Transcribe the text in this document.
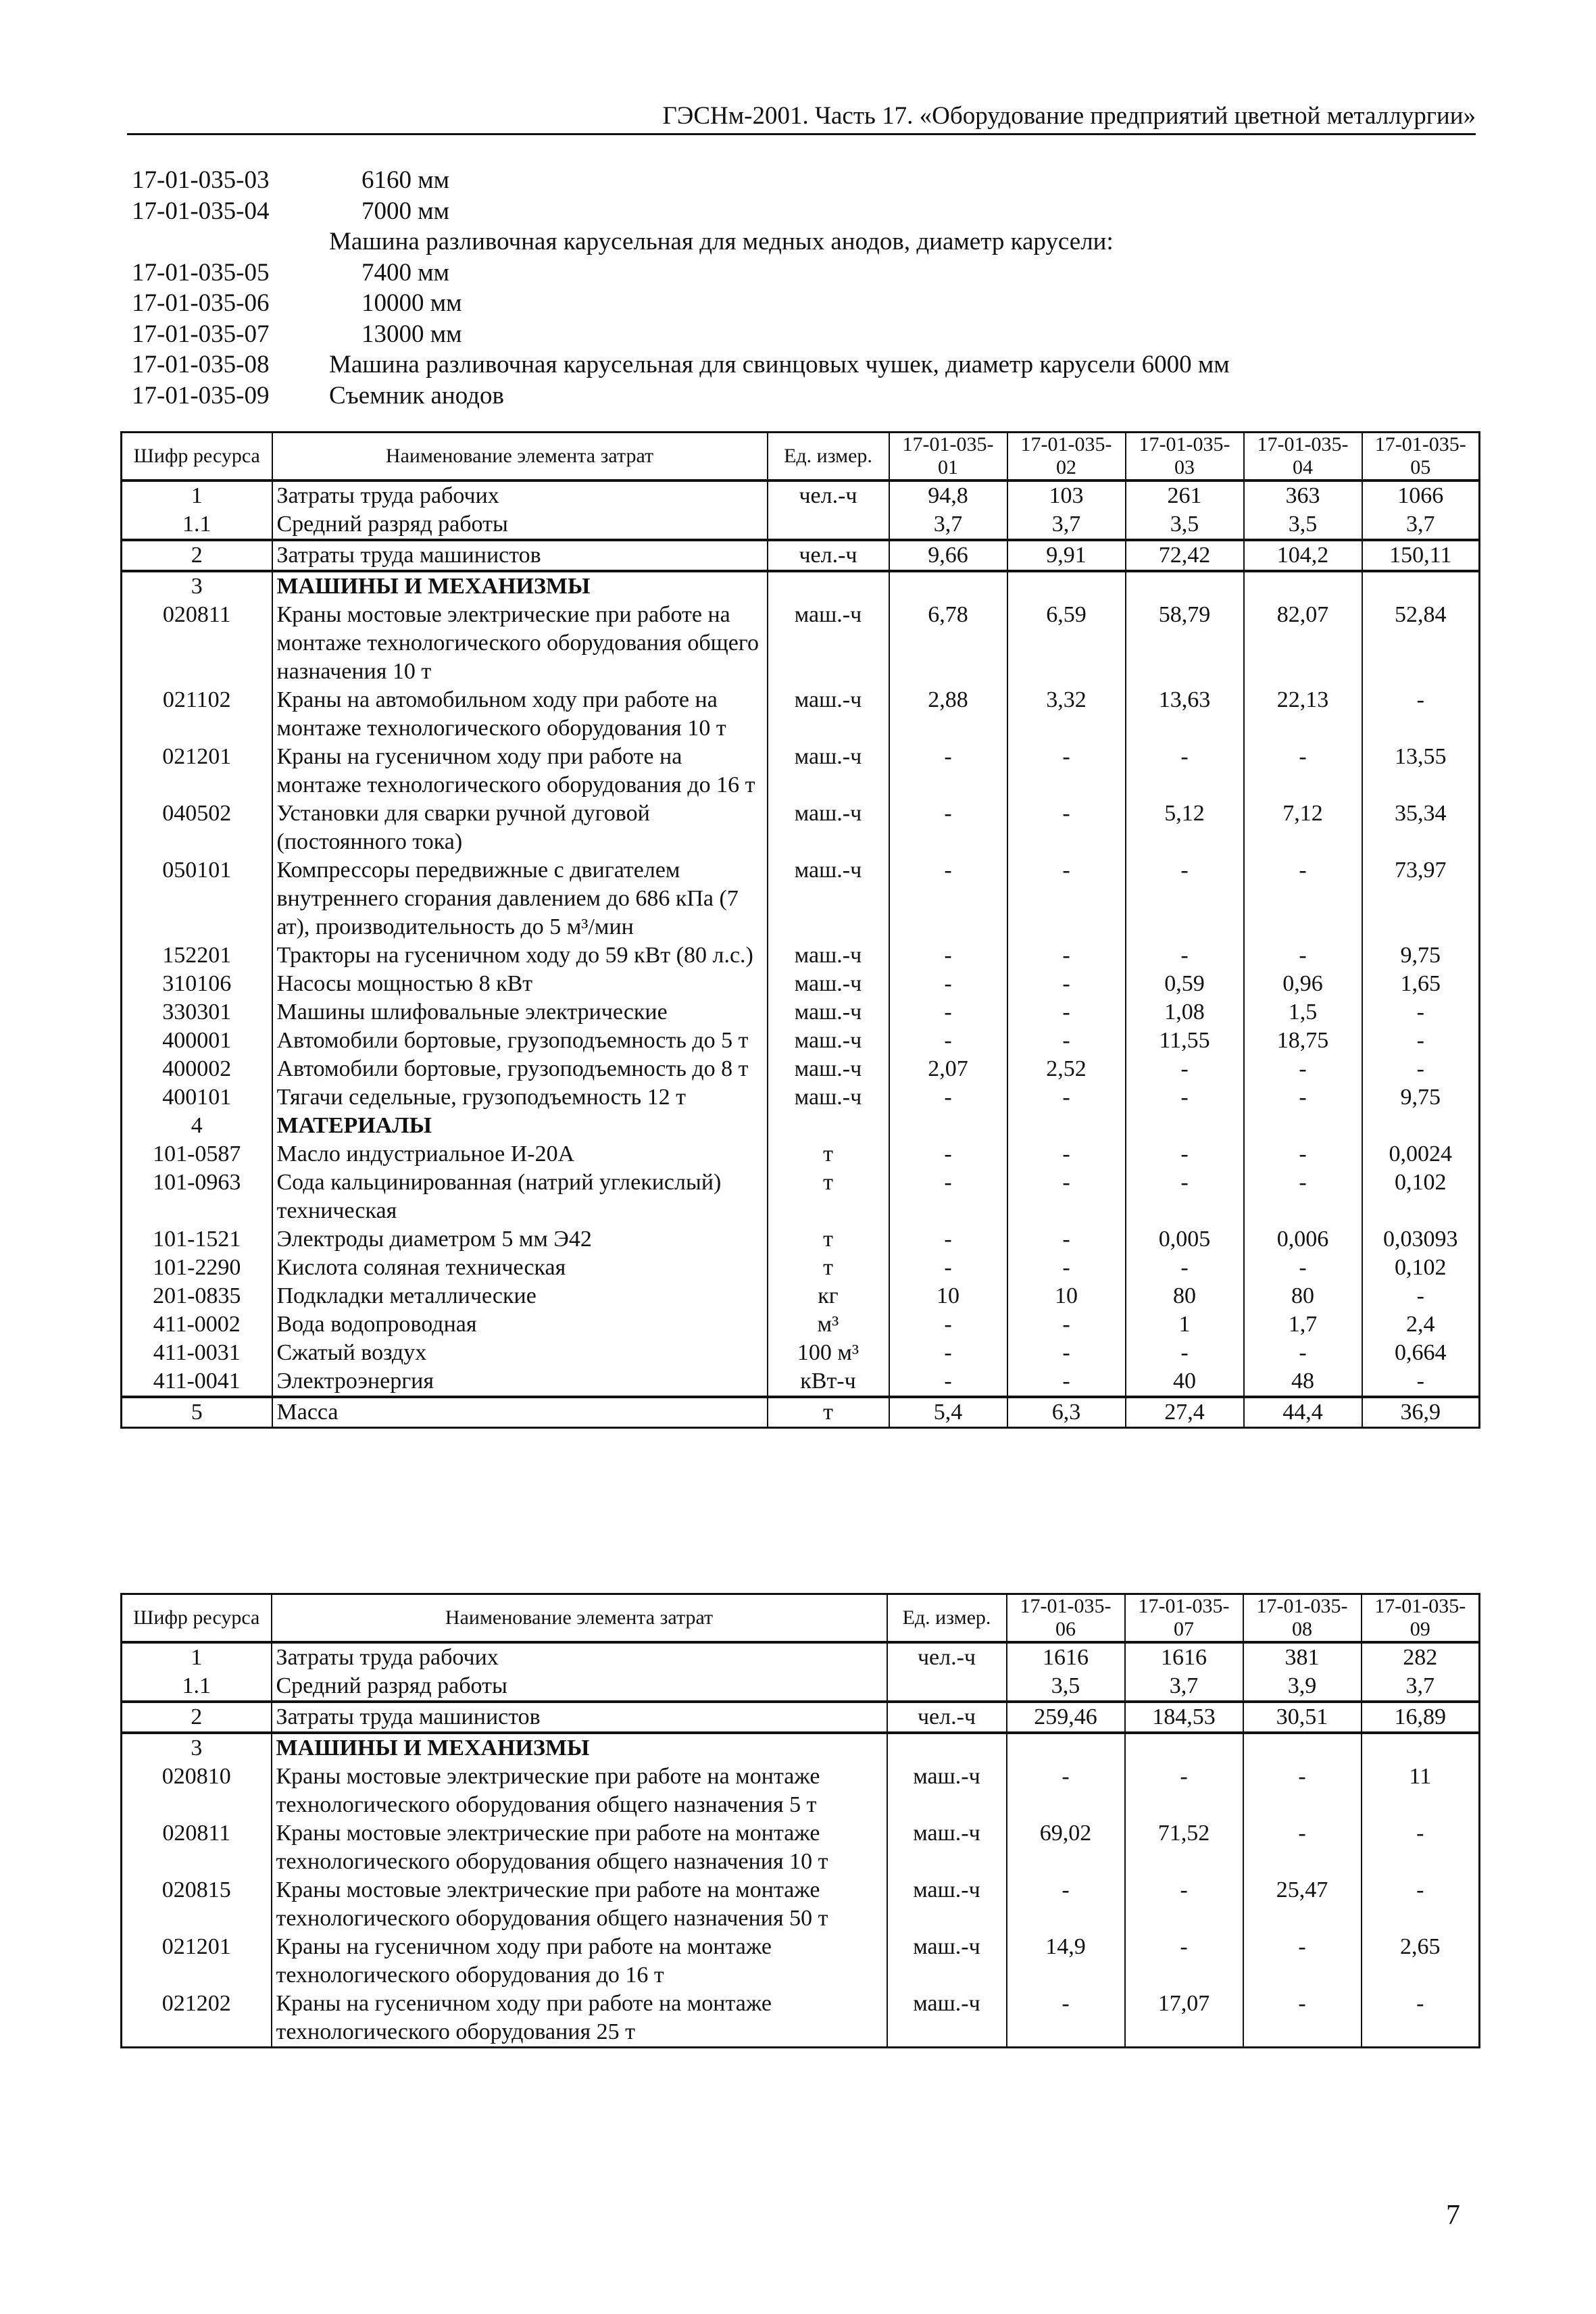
ГЭСНм-2001. Часть 17. «Оборудование предприятий цветной металлургии»
17-01-035-03	6160 мм
17-01-035-04	7000 мм
Машина разливочная карусельная для медных анодов, диаметр карусели:
17-01-035-05	7400 мм
17-01-035-06	10000 мм
17-01-035-07	13000 мм
17-01-035-08	Машина разливочная карусельная для свинцовых чушек, диаметр карусели 6000 мм
17-01-035-09	Съемник анодов
Шифр ресурса	Наименование элемента затрат	Ед. измер.	17-01-035-01	17-01-035-02	17-01-035-03	17-01-035-04	17-01-035-05
1	Затраты труда рабочих	чел.-ч	94,8	103	261	363	1066
1.1	Средний разряд работы		3,7	3,7	3,5	3,5	3,7
2	Затраты труда машинистов	чел.-ч	9,66	9,91	72,42	104,2	150,11
3	МАШИНЫ И МЕХАНИЗМЫ						
020811	Краны мостовые электрические при работе на монтаже технологического оборудования общего назначения 10 т	маш.-ч	6,78	6,59	58,79	82,07	52,84
021102	Краны на автомобильном ходу при работе на монтаже технологического оборудования 10 т	маш.-ч	2,88	3,32	13,63	22,13	-
021201	Краны на гусеничном ходу при работе на монтаже технологического оборудования до 16 т	маш.-ч	-	-	-	-	13,55
040502	Установки для сварки ручной дуговой (постоянного тока)	маш.-ч	-	-	5,12	7,12	35,34
050101	Компрессоры передвижные с двигателем внутреннего сгорания давлением до 686 кПа (7 ат), производительность до 5 м³/мин	маш.-ч	-	-	-	-	73,97
152201	Тракторы на гусеничном ходу до 59 кВт (80 л.с.)	маш.-ч	-	-	-	-	9,75
310106	Насосы мощностью 8 кВт	маш.-ч	-	-	0,59	0,96	1,65
330301	Машины шлифовальные электрические	маш.-ч	-	-	1,08	1,5	-
400001	Автомобили бортовые, грузоподъемность до 5 т	маш.-ч	-	-	11,55	18,75	-
400002	Автомобили бортовые, грузоподъемность до 8 т	маш.-ч	2,07	2,52	-	-	-
400101	Тягачи седельные, грузоподъемность 12 т	маш.-ч	-	-	-	-	9,75
4	МАТЕРИАЛЫ						
101-0587	Масло индустриальное И-20А	т	-	-	-	-	0,0024
101-0963	Сода кальцинированная (натрий углекислый) техническая	т	-	-	-	-	0,102
101-1521	Электроды диаметром 5 мм Э42	т	-	-	0,005	0,006	0,03093
101-2290	Кислота соляная техническая	т	-	-	-	-	0,102
201-0835	Подкладки металлические	кг	10	10	80	80	-
411-0002	Вода водопроводная	м³	-	-	1	1,7	2,4
411-0031	Сжатый воздух	100 м³	-	-	-	-	0,664
411-0041	Электроэнергия	кВт-ч	-	-	40	48	-
5	Масса	т	5,4	6,3	27,4	44,4	36,9
Шифр ресурса	Наименование элемента затрат	Ед. измер.	17-01-035-06	17-01-035-07	17-01-035-08	17-01-035-09
1	Затраты труда рабочих	чел.-ч	1616	1616	381	282
1.1	Средний разряд работы		3,5	3,7	3,9	3,7
2	Затраты труда машинистов	чел.-ч	259,46	184,53	30,51	16,89
3	МАШИНЫ И МЕХАНИЗМЫ					
020810	Краны мостовые электрические при работе на монтаже технологического оборудования общего назначения 5 т	маш.-ч	-	-	-	11
020811	Краны мостовые электрические при работе на монтаже технологического оборудования общего назначения 10 т	маш.-ч	69,02	71,52	-	-
020815	Краны мостовые электрические при работе на монтаже технологического оборудования общего назначения 50 т	маш.-ч	-	-	25,47	-
021201	Краны на гусеничном ходу при работе на монтаже технологического оборудования до 16 т	маш.-ч	14,9	-	-	2,65
021202	Краны на гусеничном ходу при работе на монтаже технологического оборудования 25 т	маш.-ч	-	17,07	-	-
7
